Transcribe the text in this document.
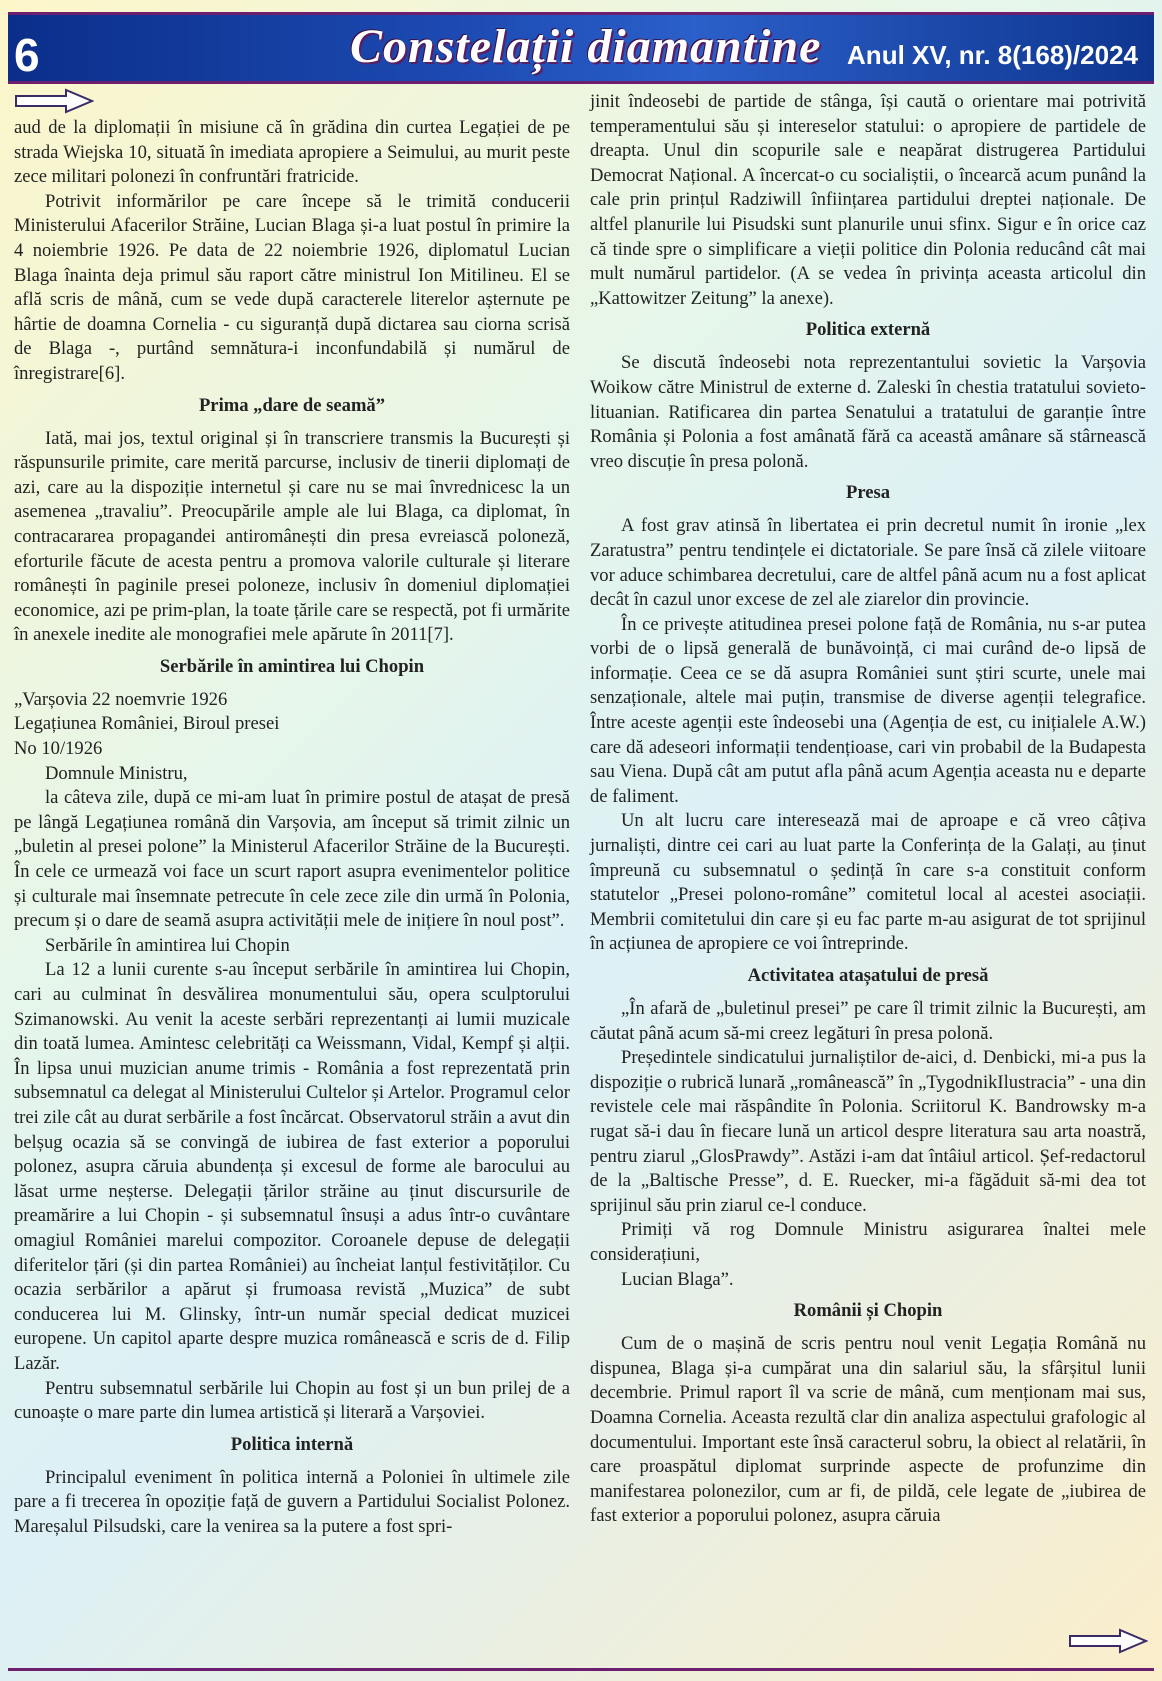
6	Constelații diamantine Anul XV, nr. 8(168)/2024

aud de la diplomații în misiune că în grădina din curtea Legației de pe strada Wiejska 10, situată în imediata apropiere a Seimului, au murit peste zece militari polonezi în confruntări fratricide.

Potrivit informărilor pe care începe să le trimită conducerii Ministerului Afacerilor Străine, Lucian Blaga și-a luat postul în primire la 4 noiembrie 1926. Pe data de 22 noiembrie 1926, diplomatul Lucian Blaga înainta deja primul său raport către ministrul Ion Mitilineu. El se află scris de mână, cum se vede după caracterele literelor așternute pe hârtie de doamna Cornelia - cu siguranță după dictarea sau ciorna scrisă de Blaga -, purtând semnătura-i inconfundabilă și numărul de înregistrare[6].

Prima „dare de seamă”

Iată, mai jos, textul original și în transcriere transmis la București și răspunsurile primite, care merită parcurse, inclusiv de tinerii diplomați de azi, care au la dispoziție internetul și care nu se mai învrednicesc la un asemenea „travaliu”. Preocupările ample ale lui Blaga, ca diplomat, în contracararea propagandei antiromânești din presa evreiască poloneză, eforturile făcute de acesta pentru a promova valorile culturale și literare românești în paginile presei poloneze, inclusiv în domeniul diplomației economice, azi pe prim-plan, la toate țările care se respectă, pot fi urmărite în anexele inedite ale monografiei mele apărute în 2011[7].

Serbările în amintirea lui Chopin

„Varșovia 22 noemvrie 1926

Legațiunea României, Biroul presei

No 10/1926

Domnule Ministru,

la câteva zile, după ce mi-am luat în primire postul de atașat de presă pe lângă Legațiunea română din Varșovia, am început să trimit zilnic un „buletin al presei polone” la Ministerul Afacerilor Străine de la București. În cele ce urmează voi face un scurt raport asupra evenimentelor politice și culturale mai însemnate petrecute în cele zece zile din urmă în Polonia, precum și o dare de seamă asupra activității mele de inițiere în noul post”.

Serbările în amintirea lui Chopin

La 12 a lunii curente s-au început serbările în amintirea lui Chopin, cari au culminat în desvălirea monumentului său, opera sculptorului Szimanowski. Au venit la aceste serbări reprezentanți ai lumii muzicale din toată lumea. Amintesc celebrități ca Weissmann, Vidal, Kempf și alții. În lipsa unui muzician anume trimis - România a fost reprezentată prin subsemnatul ca delegat al Ministerului Cultelor și Artelor. Programul celor trei zile cât au durat serbările a fost încărcat. Observatorul străin a avut din belșug ocazia să se convingă de iubirea de fast exterior a poporului polonez, asupra căruia abundența și excesul de forme ale barocului au lăsat urme neșterse. Delegații țărilor străine au ținut discursurile de preamărire a lui Chopin - și subsemnatul însuși a adus într-o cuvântare omagiul României marelui compozitor. Coroanele depuse de delegații diferitelor țări (și din partea României) au încheiat lanțul festivităților. Cu ocazia serbărilor a apărut și frumoasa revistă „Muzica” de subt conducerea lui M. Glinsky, într-un număr special dedicat muzicei europene. Un capitol aparte despre muzica românească e scris de d. Filip Lazăr.

Pentru subsemnatul serbările lui Chopin au fost și un bun prilej de a cunoaște o mare parte din lumea artistică și literară a Varșoviei.

Politica internă

Principalul eveniment în politica internă a Poloniei în ultimele zile pare a fi trecerea în opoziție față de guvern a Partidului Socialist Polonez. Mareșalul Pilsudski, care la venirea sa la putere a fost spri-

jinit îndeosebi de partide de stânga, își caută o orientare mai potrivită temperamentului său și intereselor statului: o apropiere de partidele de dreapta. Unul din scopurile sale e neapărat distrugerea Partidului Democrat Național. A încercat-o cu socialiștii, o încearcă acum punând la cale prin prințul Radziwill înființarea partidului dreptei naționale. De altfel planurile lui Pisudski sunt planurile unui sfinx. Sigur e în orice caz că tinde spre o simplificare a vieții politice din Polonia reducând cât mai mult numărul partidelor. (A se vedea în privința aceasta articolul din „Kattowitzer Zeitung” la anexe).

Politica externă

Se discută îndeosebi nota reprezentantului sovietic la Varșovia Woikow către Ministrul de externe d. Zaleski în chestia tratatului sovieto-lituanian. Ratificarea din partea Senatului a tratatului de garanție între România și Polonia a fost amânată fără ca această amânare să stârnească vreo discuție în presa polonă.

Presa

A fost grav atinsă în libertatea ei prin decretul numit în ironie „lex Zaratustra” pentru tendințele ei dictatoriale. Se pare însă că zilele viitoare vor aduce schimbarea decretului, care de altfel până acum nu a fost aplicat decât în cazul unor excese de zel ale ziarelor din provincie.

În ce privește atitudinea presei polone față de România, nu s-ar putea vorbi de o lipsă generală de bunăvoință, ci mai curând de-o lipsă de informație. Ceea ce se dă asupra României sunt știri scurte, unele mai senzaționale, altele mai puțin, transmise de diverse agenții telegrafice. Între aceste agenții este îndeosebi una (Agenția de est, cu inițialele A.W.) care dă adeseori informații tendențioase, cari vin probabil de la Budapesta sau Viena. După cât am putut afla până acum Agenția aceasta nu e departe de faliment.

Un alt lucru care interesează mai de aproape e că vreo câțiva jurnaliști, dintre cei cari au luat parte la Conferința de la Galați, au ținut împreună cu subsemnatul o ședință în care s-a constituit conform statutelor „Presei polono-române” comitetul local al acestei asociații. Membrii comitetului din care și eu fac parte m-au asigurat de tot sprijinul în acțiunea de apropiere ce voi întreprinde.

Activitatea atașatului de presă

„În afară de „buletinul presei” pe care îl trimit zilnic la București, am căutat până acum să-mi creez legături în presa polonă.

Președintele sindicatului jurnaliștilor de-aici, d. Denbicki, mi-a pus la dispoziție o rubrică lunară „românească” în „TygodnikIlustracia” - una din revistele cele mai răspândite în Polonia. Scriitorul K. Bandrowsky m-a rugat să-i dau în fiecare lună un articol despre literatura sau arta noastră, pentru ziarul „GlosPrawdy”. Astăzi i-am dat întâiul articol. Șef-redactorul de la „Baltische Presse”, d. E. Ruecker, mi-a făgăduit să-mi dea tot sprijinul său prin ziarul ce-l conduce.

Primiți vă rog Domnule Ministru asigurarea înaltei mele considerațiuni,

Lucian Blaga”.

Românii și Chopin

Cum de o mașină de scris pentru noul venit Legația Română nu dispunea, Blaga și-a cumpărat una din salariul său, la sfârșitul lunii decembrie. Primul raport îl va scrie de mână, cum menționam mai sus, Doamna Cornelia. Aceasta rezultă clar din analiza aspectului grafologic al documentului. Important este însă caracterul sobru, la obiect al relatării, în care proaspătul diplomat surprinde aspecte de profunzime din manifestarea polonezilor, cum ar fi, de pildă, cele legate de „iubirea de fast exterior a poporului polonez, asupra căruia
